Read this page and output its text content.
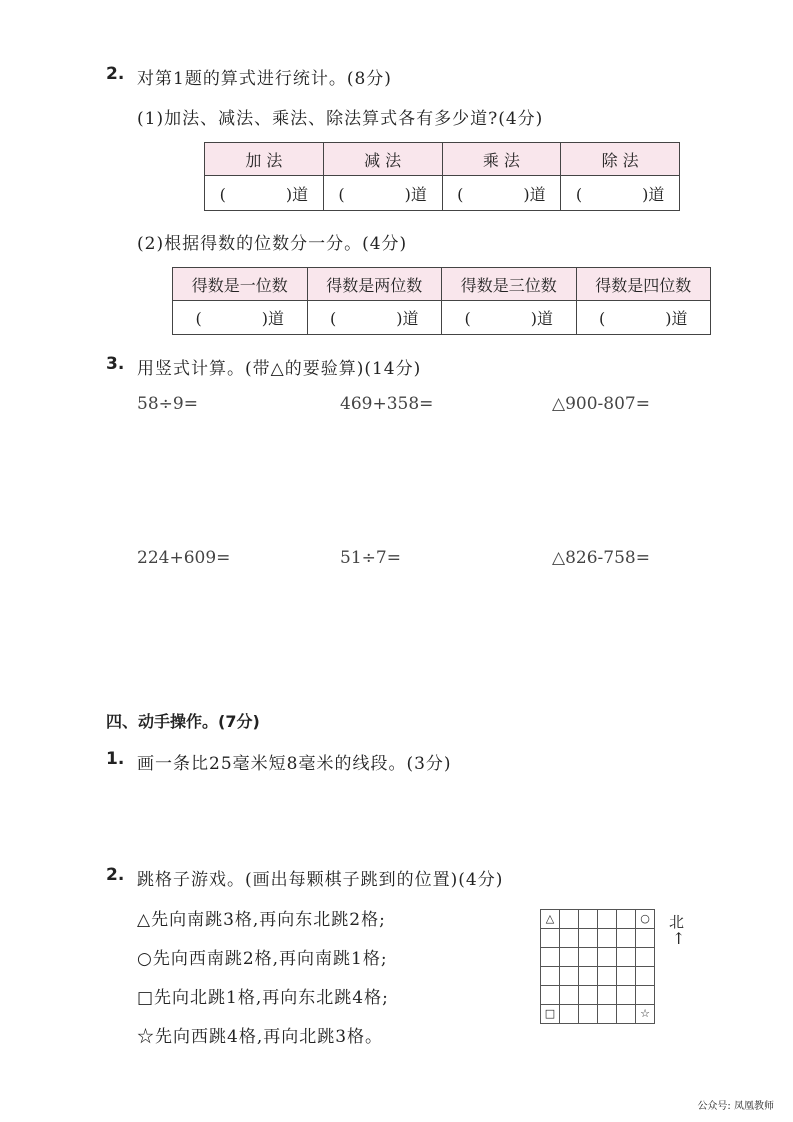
2. 对第1题的算式进行统计。(8分)
(1)加法、减法、乘法、除法算式各有多少道?(4分)
加 法	减 法	乘 法	除 法
( )道	( )道	( )道	( )道
(2)根据得数的位数分一分。(4分)
得数是一位数	得数是两位数	得数是三位数	得数是四位数
( )道	( )道	( )道	( )道
3. 用竖式计算。(带△的要验算)(14分)
58÷9=	469+358=	△900-807=
224+609=	51÷7=	△826-758=
四、动手操作。(7分)
1. 画一条比25毫米短8毫米的线段。(3分)
2. 跳格子游戏。(画出每颗棋子跳到的位置)(4分)
△先向南跳3格,再向东北跳2格;
○先向西南跳2格,再向南跳1格;
□先向北跳1格,再向东北跳4格;
☆先向西跳4格,再向北跳3格。
△					○

□					☆
北
↑
公众号: 凤凰教师
